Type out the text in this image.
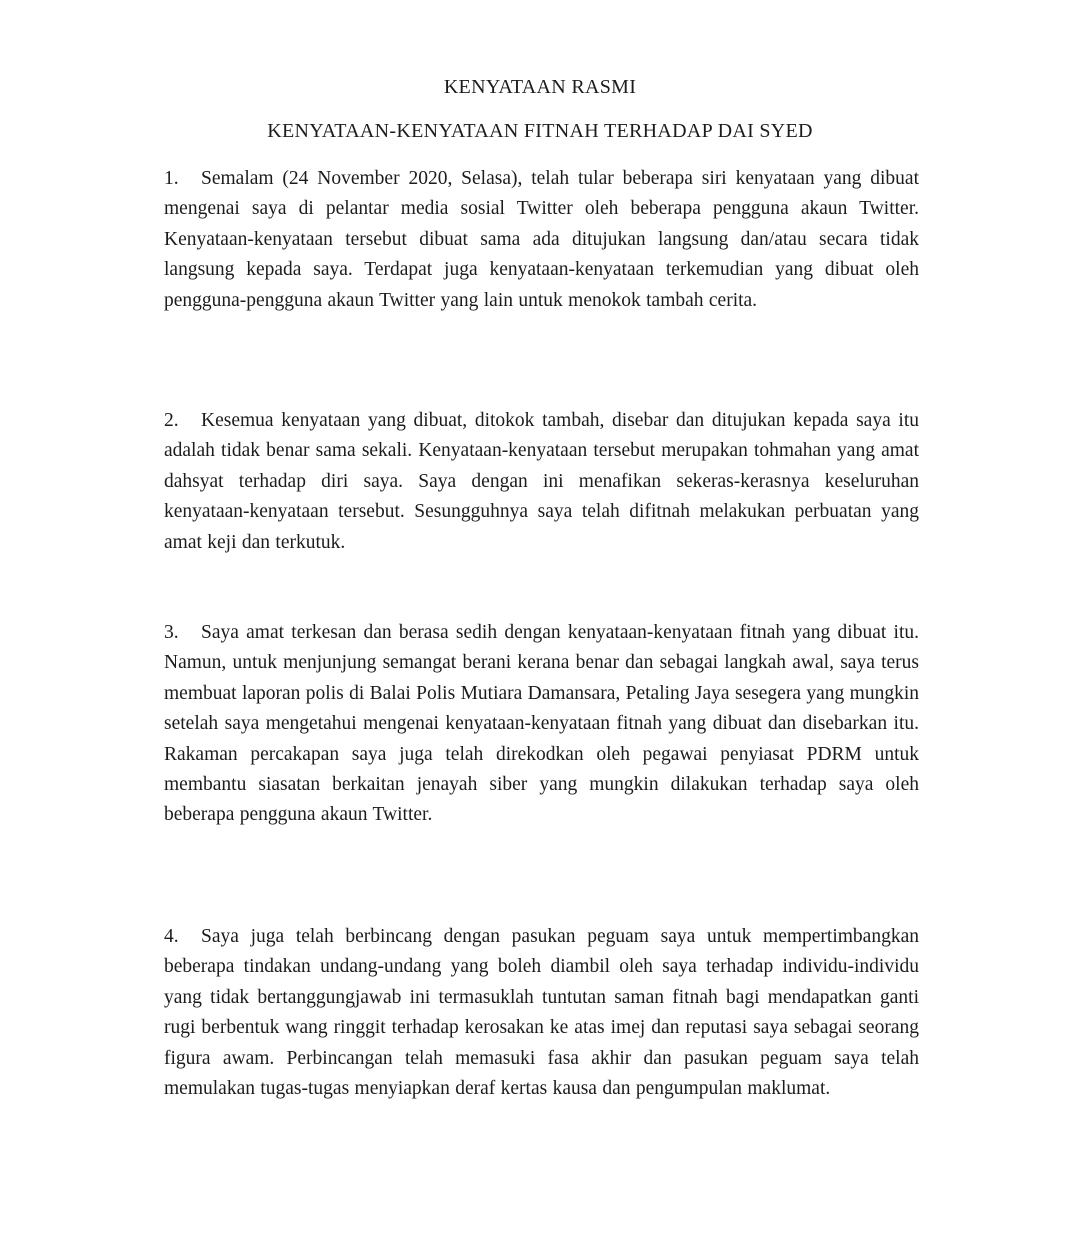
KENYATAAN RASMI
KENYATAAN-KENYATAAN FITNAH TERHADAP DAI SYED

1. Semalam (24 November 2020, Selasa), telah tular beberapa siri kenyataan yang dibuat mengenai saya di pelantar media sosial Twitter oleh beberapa pengguna akaun Twitter. Kenyataan-kenyataan tersebut dibuat sama ada ditujukan langsung dan/atau secara tidak langsung kepada saya. Terdapat juga kenyataan-kenyataan terkemudian yang dibuat oleh pengguna-pengguna akaun Twitter yang lain untuk menokok tambah cerita.

2. Kesemua kenyataan yang dibuat, ditokok tambah, disebar dan ditujukan kepada saya itu adalah tidak benar sama sekali. Kenyataan-kenyataan tersebut merupakan tohmahan yang amat dahsyat terhadap diri saya. Saya dengan ini menafikan sekeras-kerasnya keseluruhan kenyataan-kenyataan tersebut. Sesungguhnya saya telah difitnah melakukan perbuatan yang amat keji dan terkutuk.

3. Saya amat terkesan dan berasa sedih dengan kenyataan-kenyataan fitnah yang dibuat itu. Namun, untuk menjunjung semangat berani kerana benar dan sebagai langkah awal, saya terus membuat laporan polis di Balai Polis Mutiara Damansara, Petaling Jaya sesegera yang mungkin setelah saya mengetahui mengenai kenyataan-kenyataan fitnah yang dibuat dan disebarkan itu. Rakaman percakapan saya juga telah direkodkan oleh pegawai penyiasat PDRM untuk membantu siasatan berkaitan jenayah siber yang mungkin dilakukan terhadap saya oleh beberapa pengguna akaun Twitter.

4. Saya juga telah berbincang dengan pasukan peguam saya untuk mempertimbangkan beberapa tindakan undang-undang yang boleh diambil oleh saya terhadap individu-individu yang tidak bertanggungjawab ini termasuklah tuntutan saman fitnah bagi mendapatkan ganti rugi berbentuk wang ringgit terhadap kerosakan ke atas imej dan reputasi saya sebagai seorang figura awam. Perbincangan telah memasuki fasa akhir dan pasukan peguam saya telah memulakan tugas-tugas menyiapkan deraf kertas kausa dan pengumpulan maklumat.
